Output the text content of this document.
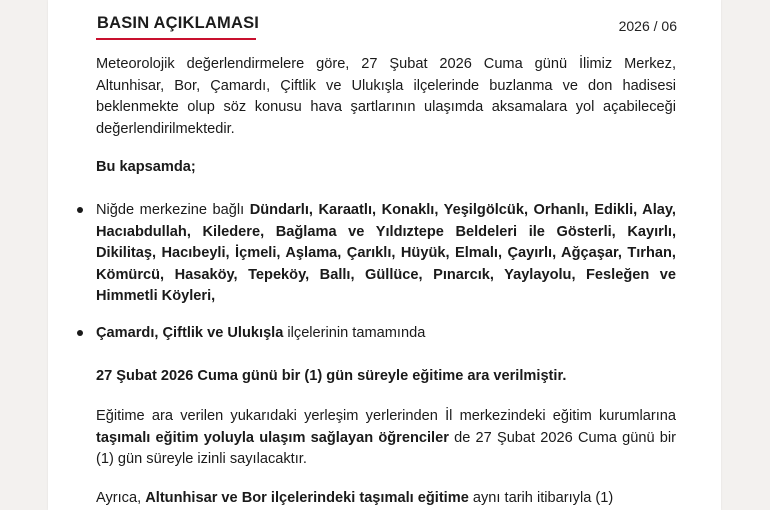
BASIN AÇIKLAMASI	2026 / 06

Meteorolojik değerlendirmelere göre, 27 Şubat 2026 Cuma günü İlimiz Merkez, Altunhisar, Bor, Çamardı, Çiftlik ve Ulukışla ilçelerinde buzlanma ve don hadisesi beklenmekte olup söz konusu hava şartlarının ulaşımda aksamalara yol açabileceği değerlendirilmektedir.

Bu kapsamda;

Niğde merkezine bağlı Dündarlı, Karaatlı, Konaklı, Yeşilgölcük, Orhanlı, Edikli, Alay, Hacıabdullah, Kiledere, Bağlama ve Yıldıztepe Beldeleri ile Gösterli, Kayırlı, Dikilitaş, Hacıbeyli, İçmeli, Aşlama, Çarıklı, Hüyük, Elmalı, Çayırlı, Ağçaşar, Tırhan, Kömürcü, Hasaköy, Tepeköy, Ballı, Güllüce, Pınarcık, Yaylayolu, Fesleğen ve Himmetli Köyleri,

Çamardı, Çiftlik ve Ulukışla ilçelerinin tamamında

27 Şubat 2026 Cuma günü bir (1) gün süreyle eğitime ara verilmiştir.

Eğitime ara verilen yukarıdaki yerleşim yerlerinden İl merkezindeki eğitim kurumlarına taşımalı eğitim yoluyla ulaşım sağlayan öğrenciler de 27 Şubat 2026 Cuma günü bir (1) gün süreyle izinli sayılacaktır.

Ayrıca, Altunhisar ve Bor ilçelerindeki taşımalı eğitime aynı tarih itibarıyla (1)
